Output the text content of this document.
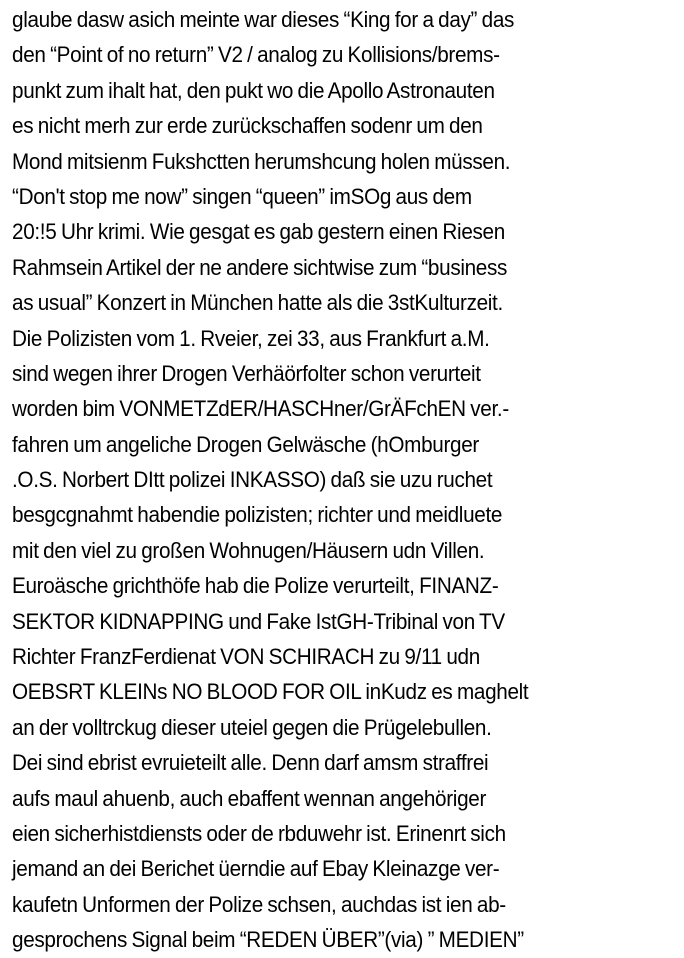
glaube dasw asich meinte war dieses “King for a day” das
den “Point of no return” V2 / analog zu Kollisions/brems-
punkt zum ihalt hat, den pukt wo die Apollo Astronauten
es nicht merh zur erde zurückschaffen sodenr um den
Mond mitsienm Fukshctten herumshcung holen müssen.
“Don't stop me now” singen “queen” imSOg aus dem
20:!5 Uhr krimi. Wie gesgat es gab gestern einen Riesen
Rahmsein Artikel der ne andere sichtwise zum “business
as usual” Konzert in München hatte als die 3stKulturzeit.
Die Polizisten vom 1. Rveier, zei 33, aus Frankfurt a.M.
sind wegen ihrer Drogen Verhäörfolter schon verurteit
worden bim VONMETZdER/HASCHner/GrÄFchEN ver.-
fahren um angeliche Drogen Gelwäsche (hOmburger
.O.S. Norbert DItt polizei INKASSO) daß sie uzu ruchet
besgcgnahmt habendie polizisten; richter und meidluete
mit den viel zu großen Wohnugen/Häusern udn Villen.
Euroäsche grichthöfe hab die Polize verurteilt, FINANZ-
SEKTOR KIDNAPPING und Fake IstGH-Tribinal von TV
Richter FranzFerdienat VON SCHIRACH zu 9/11 udn
OEBSRT KLEINs NO BLOOD FOR OIL inKudz es maghelt
an der volltrckug dieser uteiel gegen die Prügelebullen.
Dei sind ebrist evruieteilt alle. Denn darf amsm straffrei
aufs maul ahuenb, auch ebaffent wennan angehöriger
eien sicherhistdiensts oder de rbduwehr ist. Erinenrt sich
jemand an dei Berichet üerndie auf Ebay Kleinazge ver-
kaufetn Unformen der Polize schsen, auchdas ist ien ab-
gesprochens Signal beim “REDEN ÜBER”(via) ” MEDIEN”
